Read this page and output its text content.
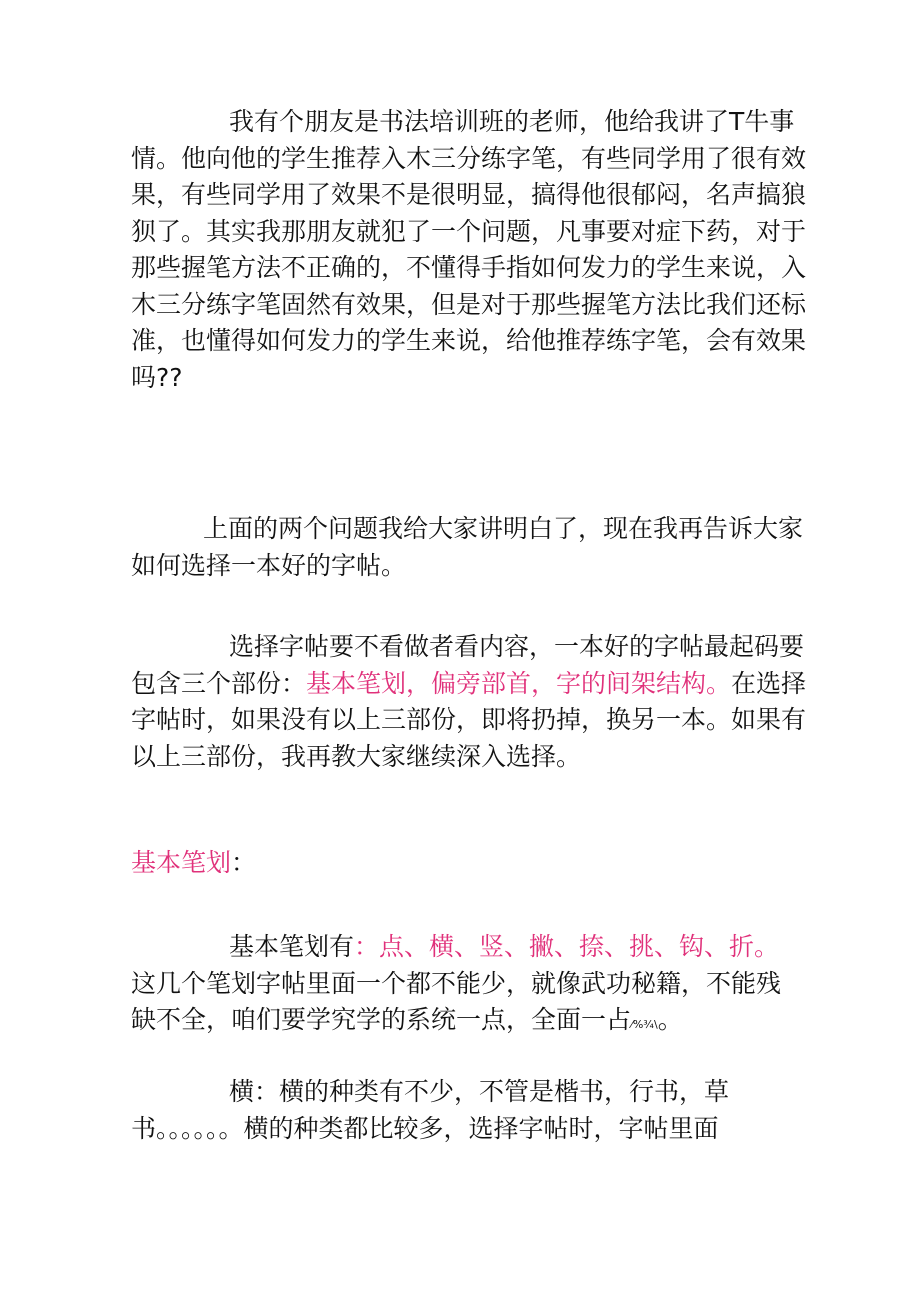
我有个朋友是书法培训班的老师，他给我讲了T牛事情。他向他的学生推荐入木三分练字笔，有些同学用了很有效果，有些同学用了效果不是很明显，搞得他很郁闷，名声搞狼狈了。其实我那朋友就犯了一个问题，凡事要对症下药，对于那些握笔方法不正确的，不懂得手指如何发力的学生来说，入木三分练字笔固然有效果，但是对于那些握笔方法比我们还标准，也懂得如何发力的学生来说，给他推荐练字笔，会有效果吗??

上面的两个问题我给大家讲明白了，现在我再告诉大家如何选择一本好的字帖。

选择字帖要不看做者看内容，一本好的字帖最起码要包含三个部份：基本笔划，偏旁部首，字的间架结构。在选择字帖时，如果没有以上三部份，即将扔掉，换另一本。如果有以上三部份，我再教大家继续深入选择。

基本笔划：

基本笔划有：点、横、竖、撇、捺、挑、钩、折。这几个笔划字帖里面一个都不能少，就像武功秘籍，不能残缺不全，咱们要学究学的系统一点，全面一占⁄%¾\。

横：横的种类有不少，不管是楷书，行书，草书。。。。。。横的种类都比较多，选择字帖时，字帖里面
